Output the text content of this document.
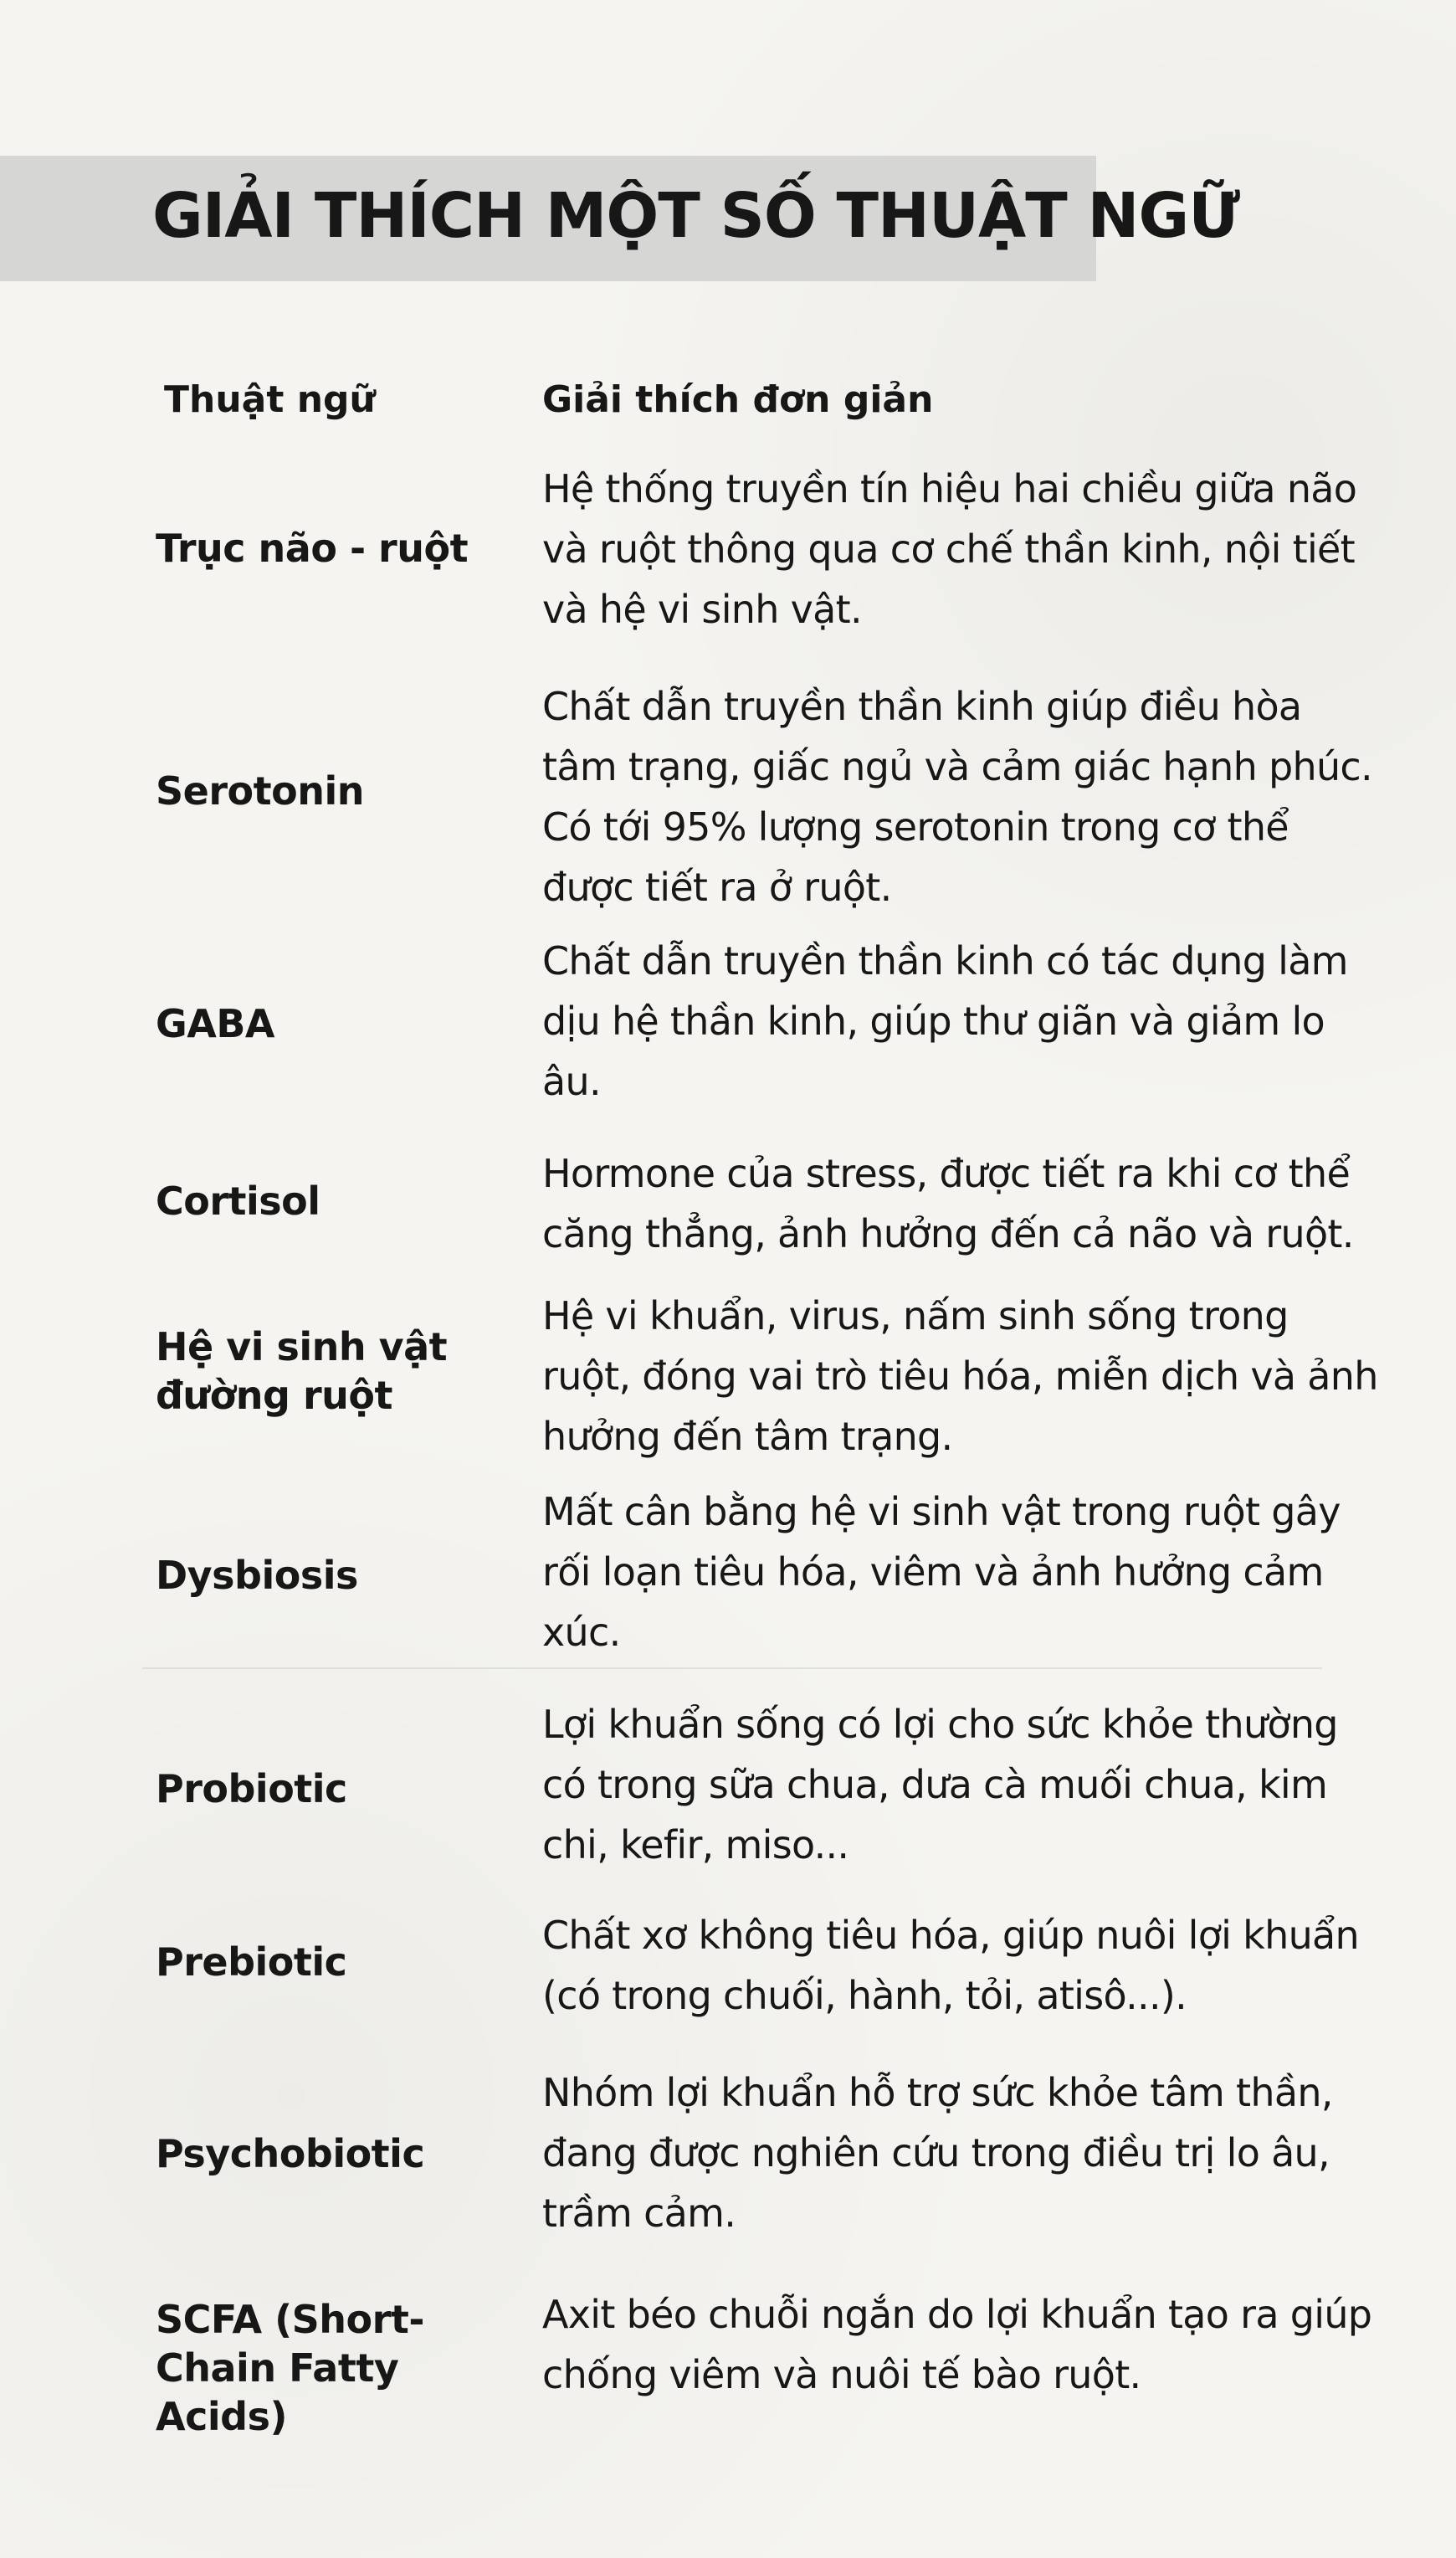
GIẢI THÍCH MỘT SỐ THUẬT NGỮ
Thuật ngữ	Giải thích đơn giản
Trục não - ruột
Hệ thống truyền tín hiệu hai chiều giữa não và ruột thông qua cơ chế thần kinh, nội tiết và hệ vi sinh vật.
Serotonin
Chất dẫn truyền thần kinh giúp điều hòa tâm trạng, giấc ngủ và cảm giác hạnh phúc. Có tới 95% lượng serotonin trong cơ thể được tiết ra ở ruột.
GABA
Chất dẫn truyền thần kinh có tác dụng làm dịu hệ thần kinh, giúp thư giãn và giảm lo âu.
Cortisol
Hormone của stress, được tiết ra khi cơ thể căng thẳng, ảnh hưởng đến cả não và ruột.
Hệ vi sinh vật đường ruột
Hệ vi khuẩn, virus, nấm sinh sống trong ruột, đóng vai trò tiêu hóa, miễn dịch và ảnh hưởng đến tâm trạng.
Dysbiosis
Mất cân bằng hệ vi sinh vật trong ruột gây rối loạn tiêu hóa, viêm và ảnh hưởng cảm xúc.
Probiotic
Lợi khuẩn sống có lợi cho sức khỏe thường có trong sữa chua, dưa cà muối chua, kim chi, kefir, miso...
Prebiotic
Chất xơ không tiêu hóa, giúp nuôi lợi khuẩn (có trong chuối, hành, tỏi, atisô...).
Psychobiotic
Nhóm lợi khuẩn hỗ trợ sức khỏe tâm thần, đang được nghiên cứu trong điều trị lo âu, trầm cảm.
SCFA (Short-Chain Fatty Acids)
Axit béo chuỗi ngắn do lợi khuẩn tạo ra giúp chống viêm và nuôi tế bào ruột.
